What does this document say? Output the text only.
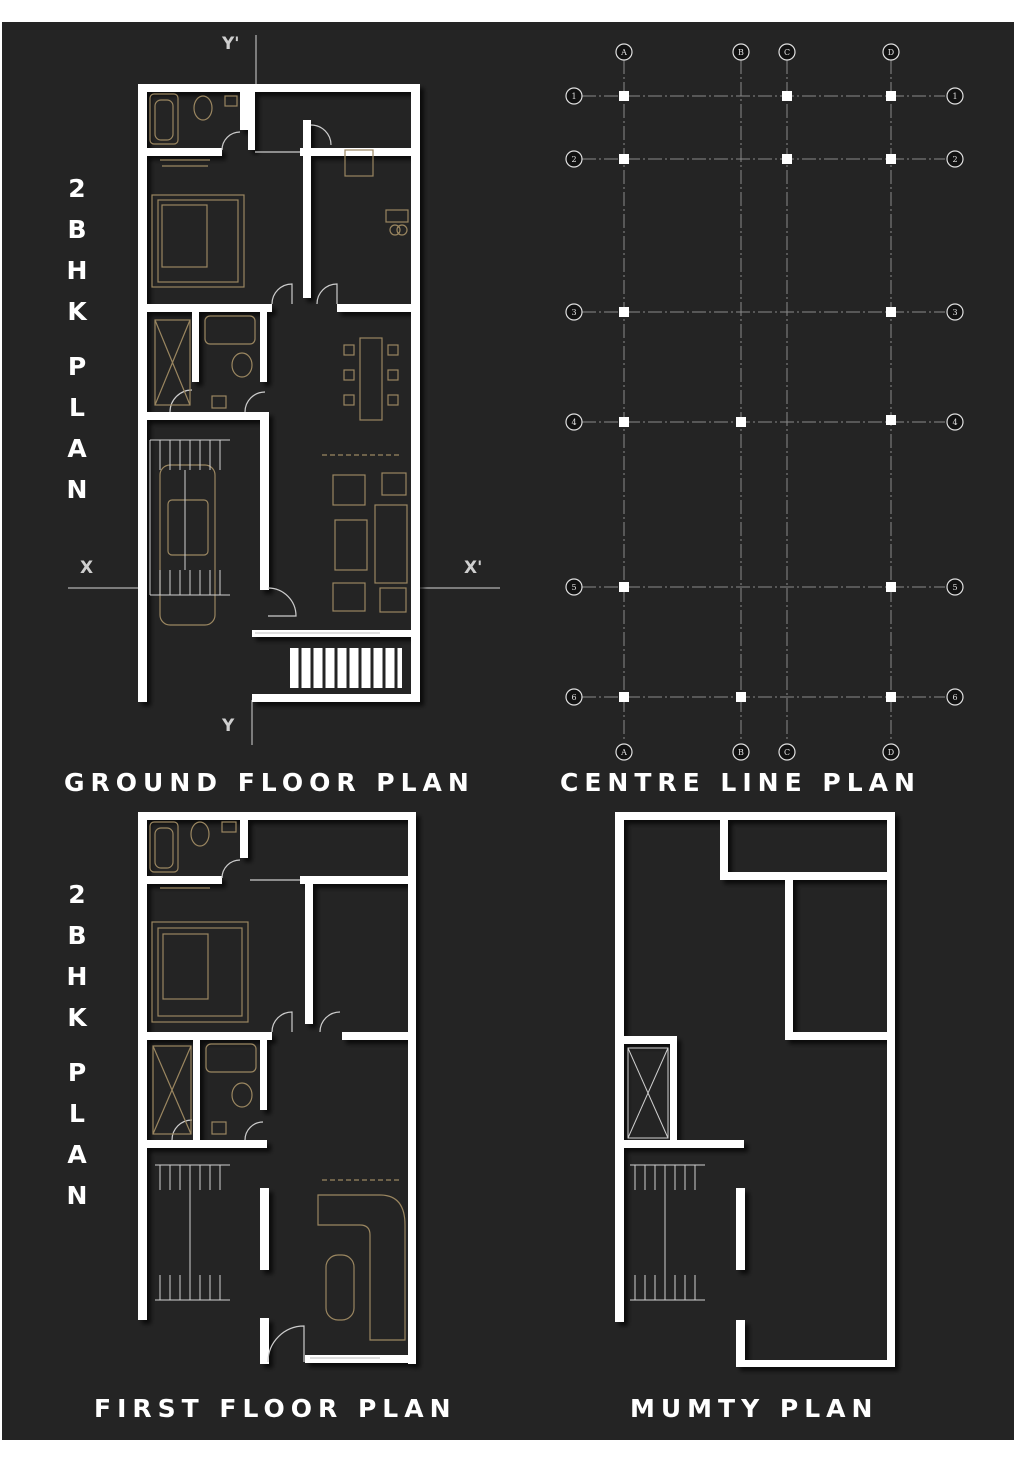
A
A
B
B
C
C
D
D
1	1
2	2
3	3
4	4
5	5
6	6
2
B
H
K
P
L
A
N
2
B
H
K
P
L
A
N
Y'
Y
X	X'
GROUND FLOOR PLAN	CENTRE LINE PLAN
FIRST FLOOR PLAN	MUMTY PLAN
